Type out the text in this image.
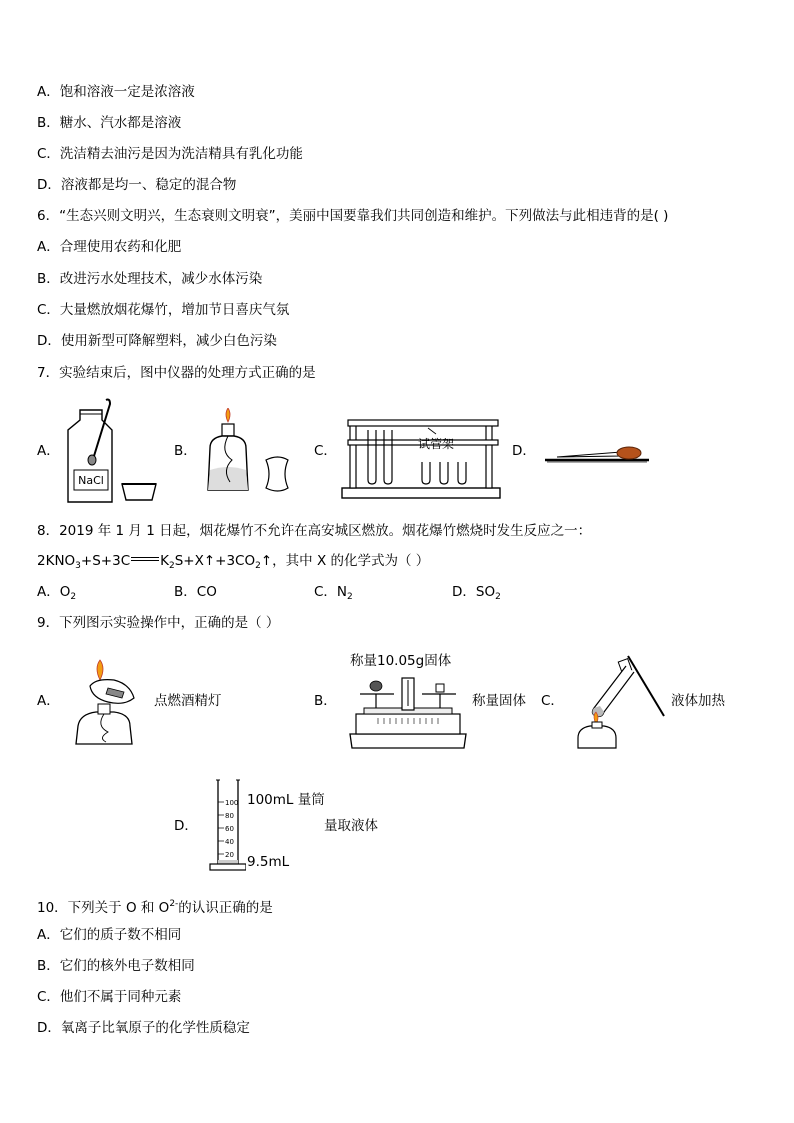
A．饱和溶液一定是浓溶液
B．糖水、汽水都是溶液
C．洗洁精去油污是因为洗洁精具有乳化功能
D．溶液都是均一、稳定的混合物
6．“生态兴则文明兴，生态衰则文明衰”，美丽中国要靠我们共同创造和维护。下列做法与此相违背的是( )
A．合理使用农药和化肥
B．改进污水处理技术，减少水体污染
C．大量燃放烟花爆竹，增加节日喜庆气氛
D．使用新型可降解塑料，减少白色污染
7．实验结束后，图中仪器的处理方式正确的是
A．
NaCl
B．	C．	试管架	D．
8．2019 年 1 月 1 日起，烟花爆竹不允许在高安城区燃放。烟花爆竹燃烧时发生反应之一：
$2KNO_3+S+3C$ $K_2S+X↑+3CO_2↑$，其中 X 的化学式为（ ）
A．$O_2$	B．CO	C．$N_2$	D．$SO_2$
9．下列图示实验操作中，正确的是（ ）
A．	点燃酒精灯	B．
称量10.05g固体
称量固体 C．	液体加热
D．
100
80
60
40
20
100mL 量筒
量取液体
9.5mL
10．下列关于 O 和 $O^{2-}$的认识正确的是
A．它们的质子数不相同
B．它们的核外电子数相同
C．他们不属于同种元素
D．氧离子比氧原子的化学性质稳定
